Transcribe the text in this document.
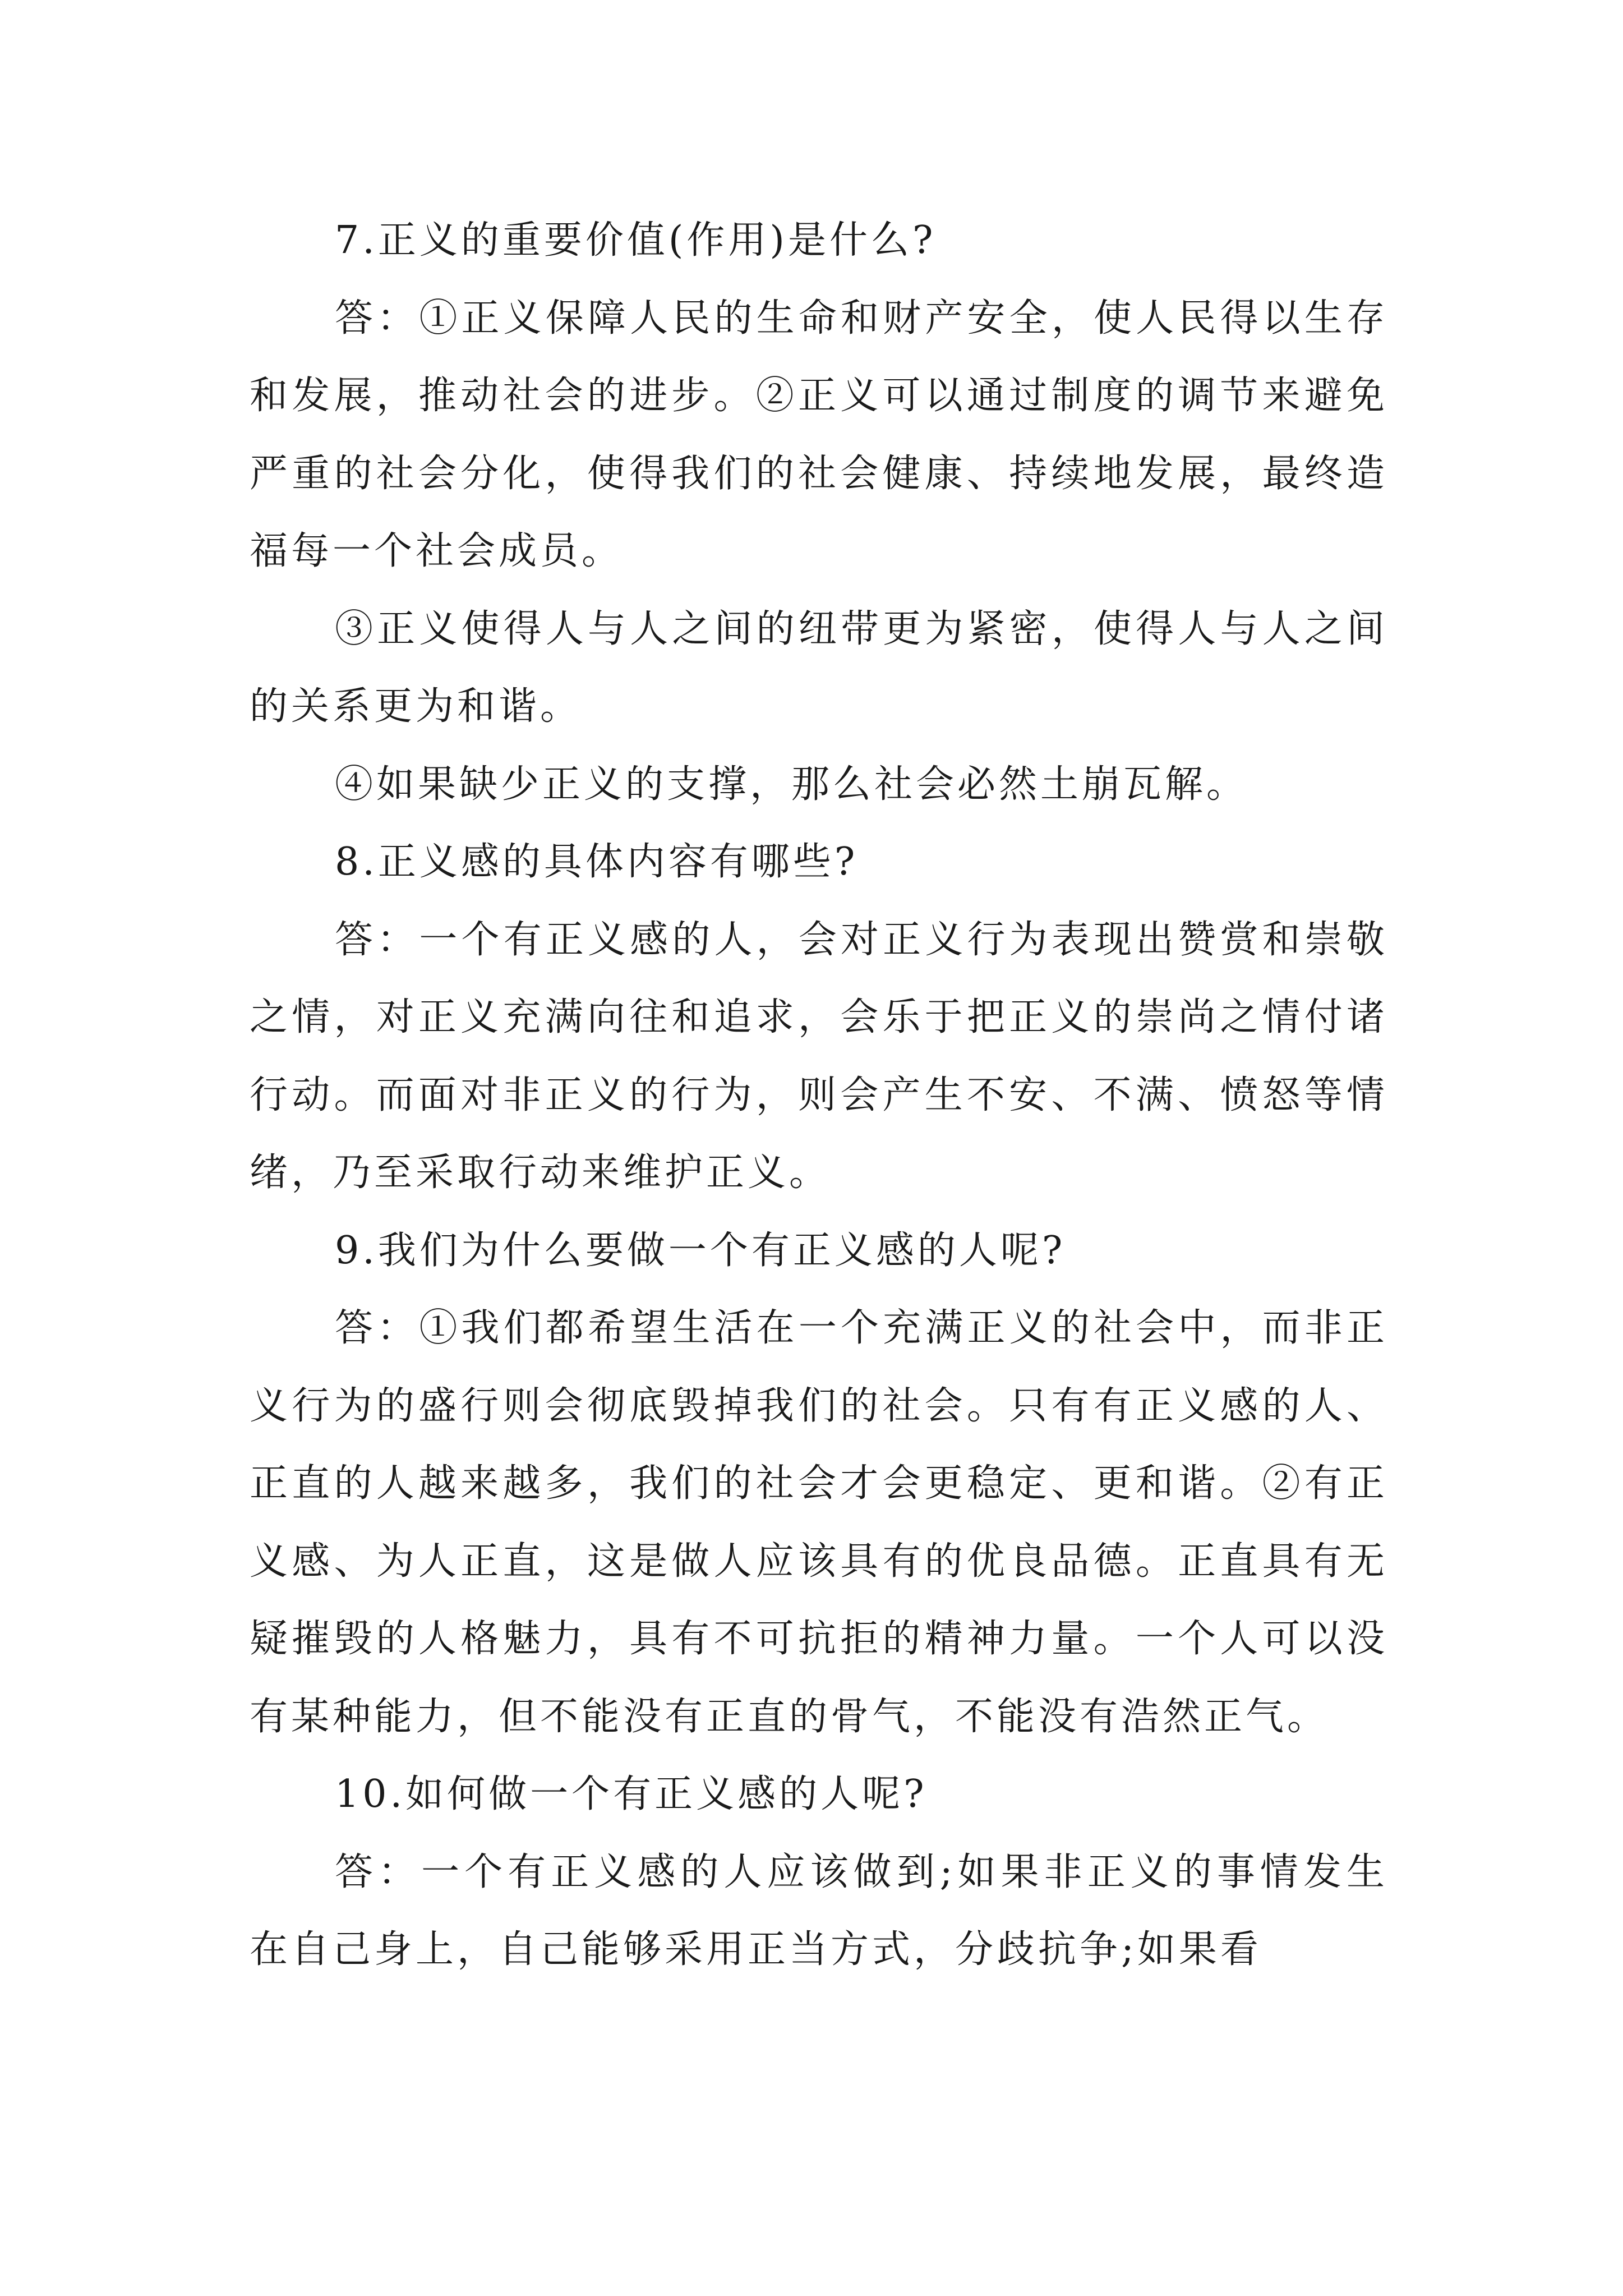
7.正义的重要价值(作用)是什么?

答：①正义保障人民的生命和财产安全，使人民得以生存和发展，推动社会的进步。②正义可以通过制度的调节来避免严重的社会分化，使得我们的社会健康、持续地发展，最终造福每一个社会成员。

③正义使得人与人之间的纽带更为紧密，使得人与人之间的关系更为和谐。

④如果缺少正义的支撑，那么社会必然土崩瓦解。

8.正义感的具体内容有哪些?

答：一个有正义感的人，会对正义行为表现出赞赏和崇敬之情，对正义充满向往和追求，会乐于把正义的崇尚之情付诸行动。而面对非正义的行为，则会产生不安、不满、愤怒等情绪，乃至采取行动来维护正义。

9.我们为什么要做一个有正义感的人呢?

答：①我们都希望生活在一个充满正义的社会中，而非正义行为的盛行则会彻底毁掉我们的社会。只有有正义感的人、正直的人越来越多，我们的社会才会更稳定、更和谐。②有正义感、为人正直，这是做人应该具有的优良品德。正直具有无疑摧毁的人格魅力，具有不可抗拒的精神力量。一个人可以没有某种能力，但不能没有正直的骨气，不能没有浩然正气。

10.如何做一个有正义感的人呢?

答：一个有正义感的人应该做到;如果非正义的事情发生在自己身上，自己能够采用正当方式，分歧抗争;如果看
